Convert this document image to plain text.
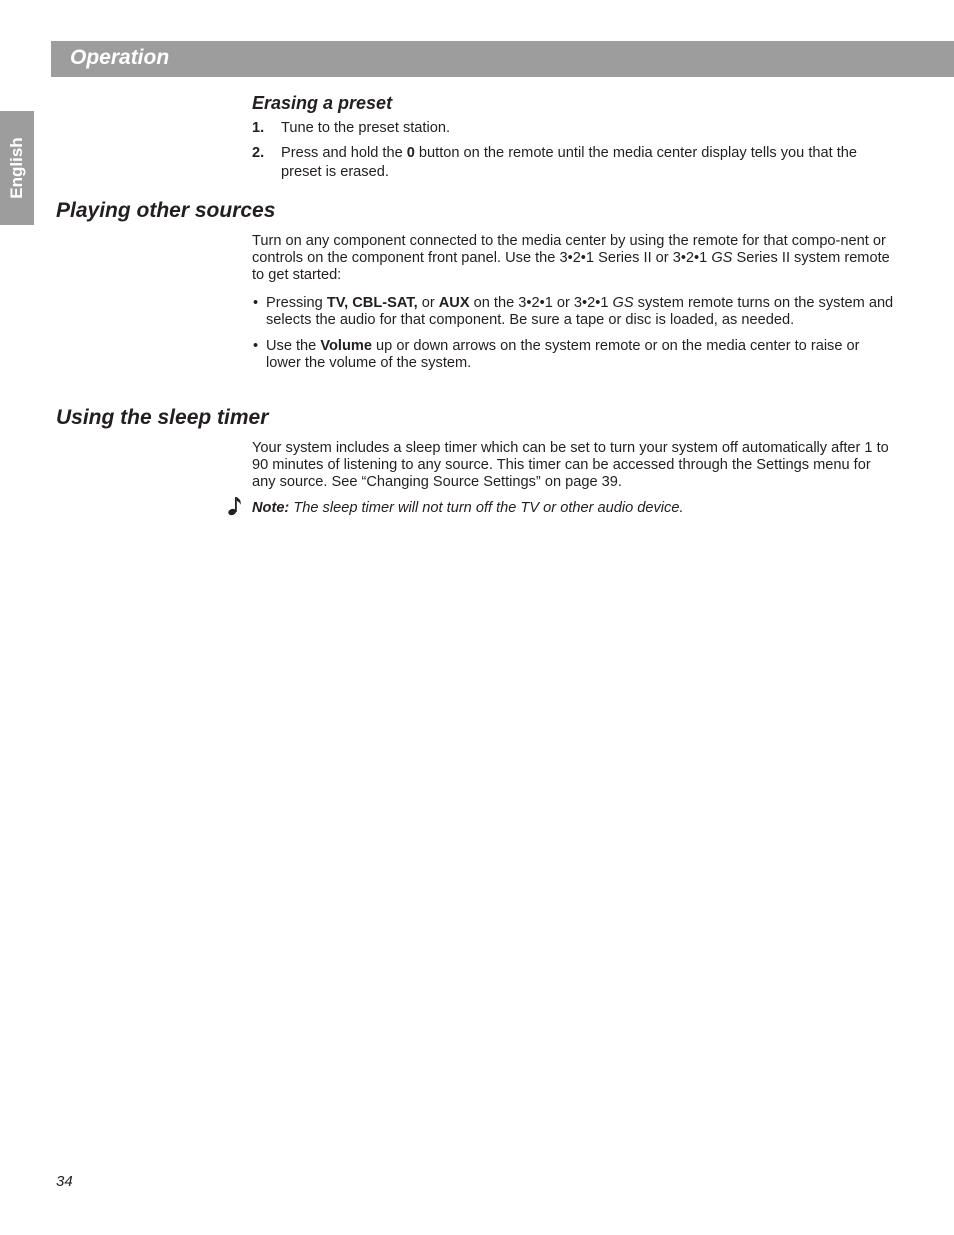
Operation
English
Erasing a preset
1. Tune to the preset station.
2. Press and hold the 0 button on the remote until the media center display tells you that the preset is erased.
Playing other sources

Turn on any component connected to the media center by using the remote for that compo-nent or controls on the component front panel. Use the 3•2•1 Series II or 3•2•1 GS Series II system remote to get started:

• Pressing TV, CBL-SAT, or AUX on the 3•2•1 or 3•2•1 GS system remote turns on the system and selects the audio for that component. Be sure a tape or disc is loaded, as needed.
• Use the Volume up or down arrows on the system remote or on the media center to raise or lower the volume of the system.
Using the sleep timer

Your system includes a sleep timer which can be set to turn your system off automatically after 1 to 90 minutes of listening to any source. This timer can be accessed through the Settings menu for any source. See “Changing Source Settings” on page 39.

Note: The sleep timer will not turn off the TV or other audio device.
34
